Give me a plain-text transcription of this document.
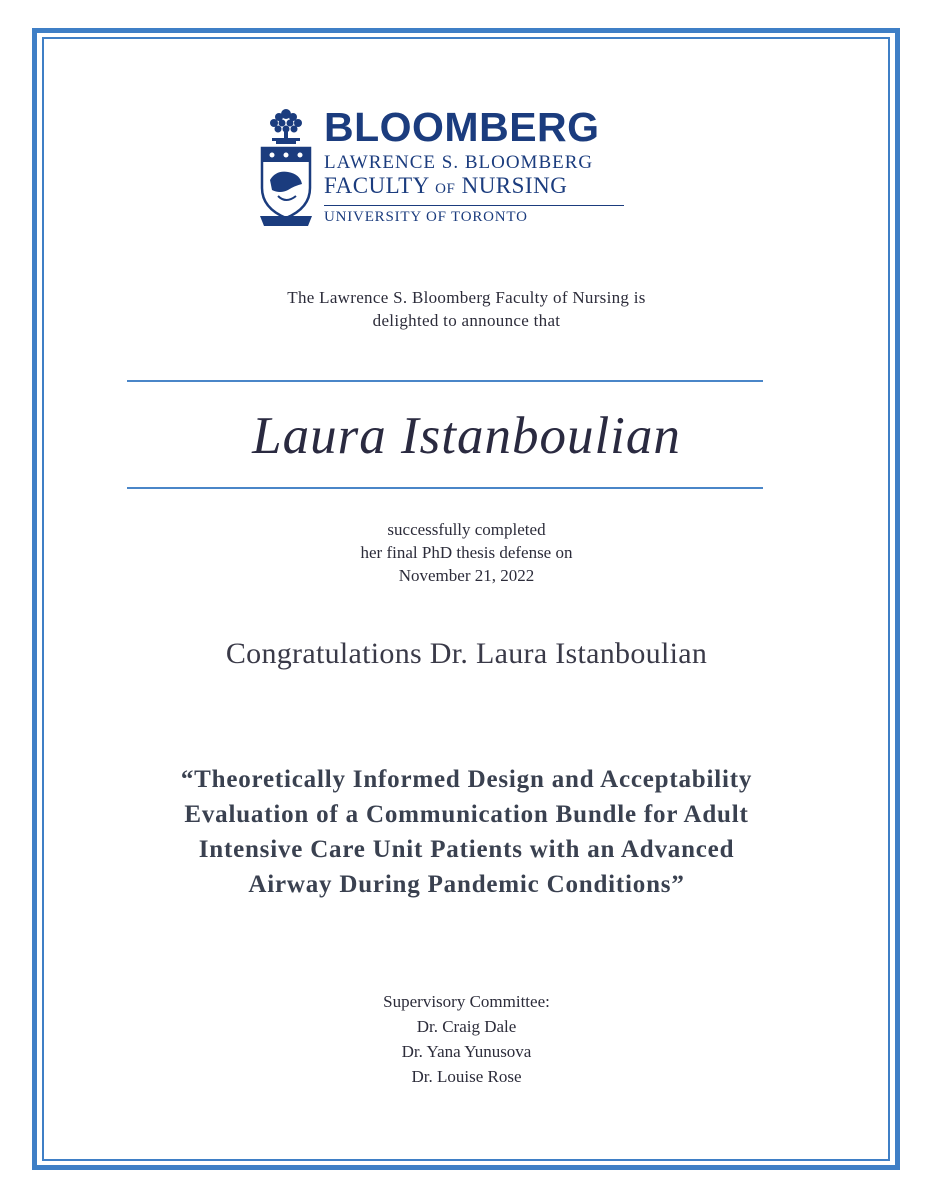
BLOOMBERG
LAWRENCE S. BLOOMBERG
FACULTY OF NURSING
UNIVERSITY OF TORONTO
The Lawrence S. Bloomberg Faculty of Nursing is
delighted to announce that
Laura Istanboulian
successfully completed
her final PhD thesis defense on
November 21, 2022
Congratulations Dr. Laura Istanboulian
“Theoretically Informed Design and Acceptability
Evaluation of a Communication Bundle for Adult
Intensive Care Unit Patients with an Advanced
Airway During Pandemic Conditions”
Supervisory Committee:
Dr. Craig Dale
Dr. Yana Yunusova
Dr. Louise Rose
